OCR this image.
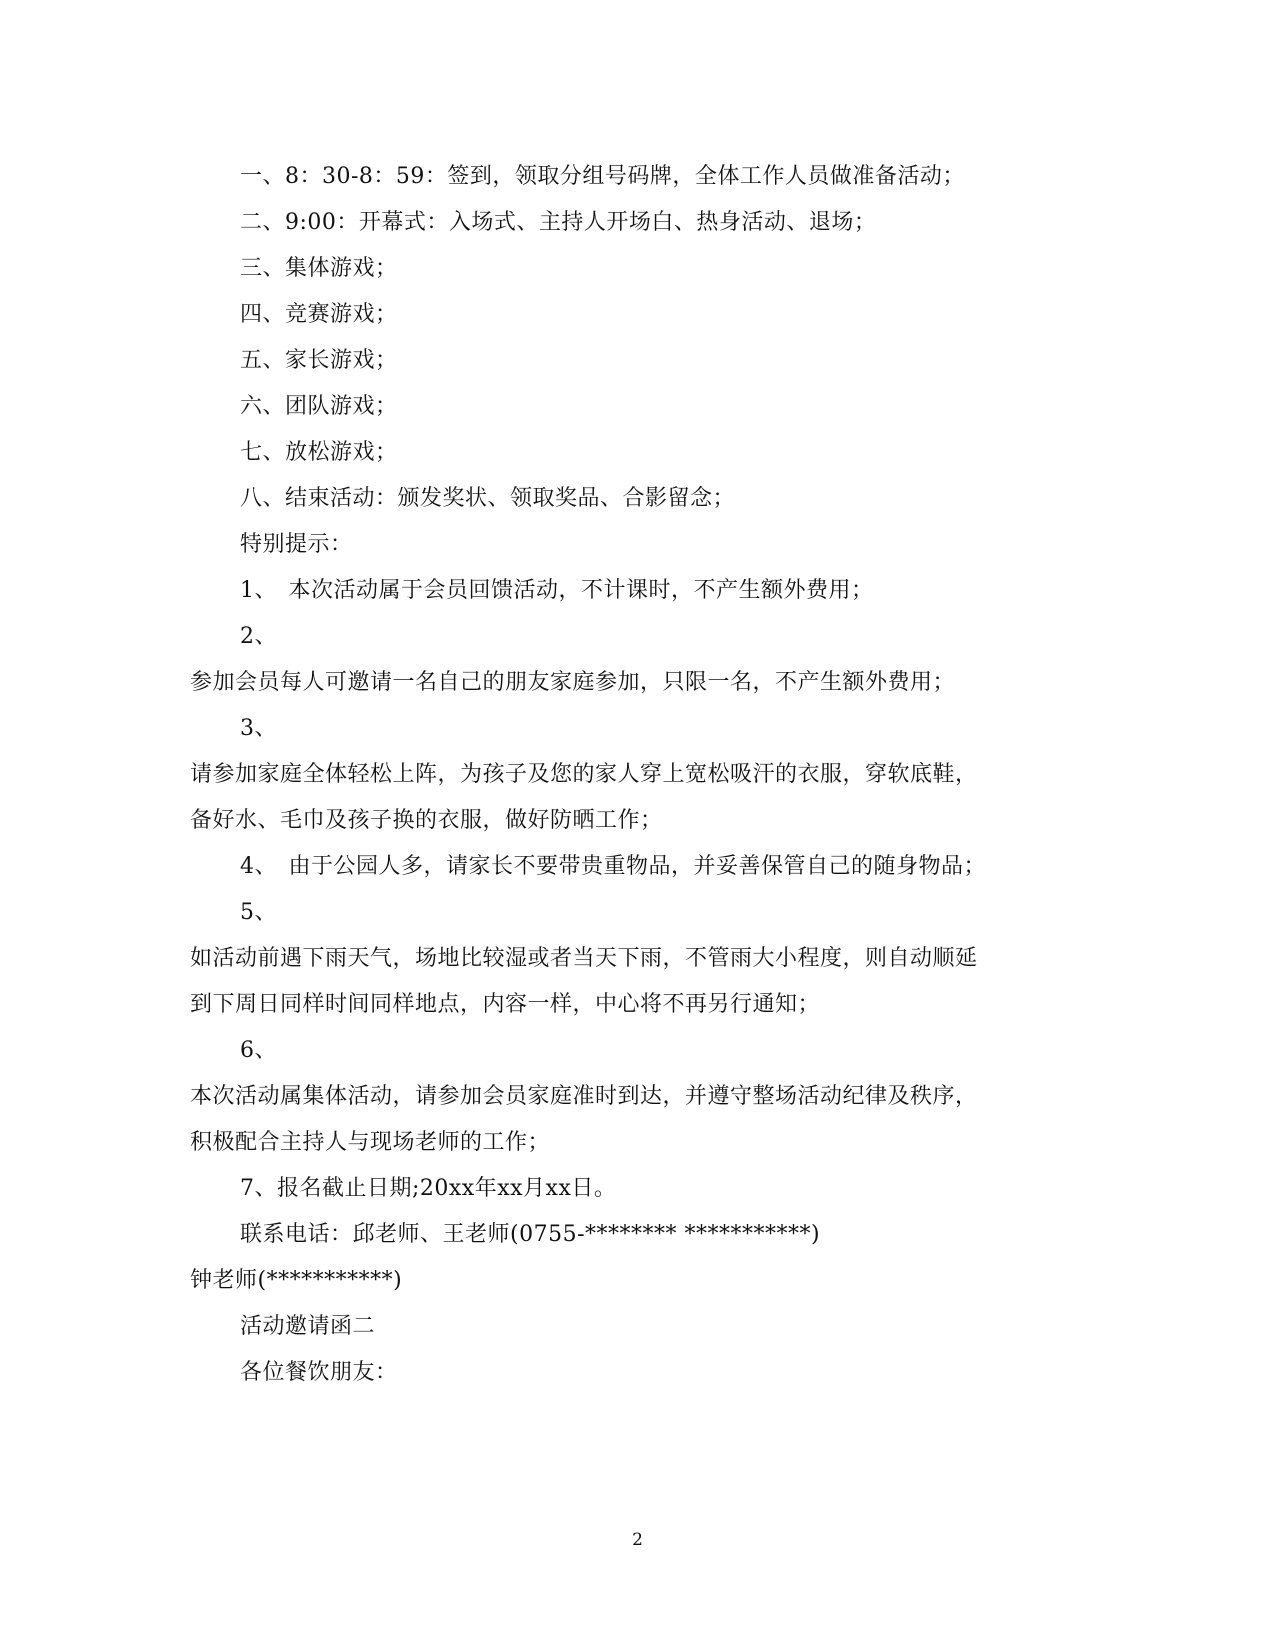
一、8：30-8：59：签到，领取分组号码牌，全体工作人员做准备活动；
二、9:00：开幕式：入场式、主持人开场白、热身活动、退场；
三、集体游戏；
四、竞赛游戏；
五、家长游戏；
六、团队游戏；
七、放松游戏；
八、结束活动：颁发奖状、领取奖品、合影留念；
特别提示：
1、　本次活动属于会员回馈活动，不计课时，不产生额外费用；
2、
参加会员每人可邀请一名自己的朋友家庭参加，只限一名，不产生额外费用；
3、
请参加家庭全体轻松上阵，为孩子及您的家人穿上宽松吸汗的衣服，穿软底鞋，
备好水、毛巾及孩子换的衣服，做好防晒工作；
4、　由于公园人多，请家长不要带贵重物品，并妥善保管自己的随身物品；
5、
如活动前遇下雨天气，场地比较湿或者当天下雨，不管雨大小程度，则自动顺延
到下周日同样时间同样地点，内容一样，中心将不再另行通知；
6、
本次活动属集体活动，请参加会员家庭准时到达，并遵守整场活动纪律及秩序，
积极配合主持人与现场老师的工作；
7、报名截止日期;20xx年xx月xx日。
联系电话：邱老师、王老师(0755-******** ***********)
钟老师(***********)
活动邀请函二
各位餐饮朋友：
2
